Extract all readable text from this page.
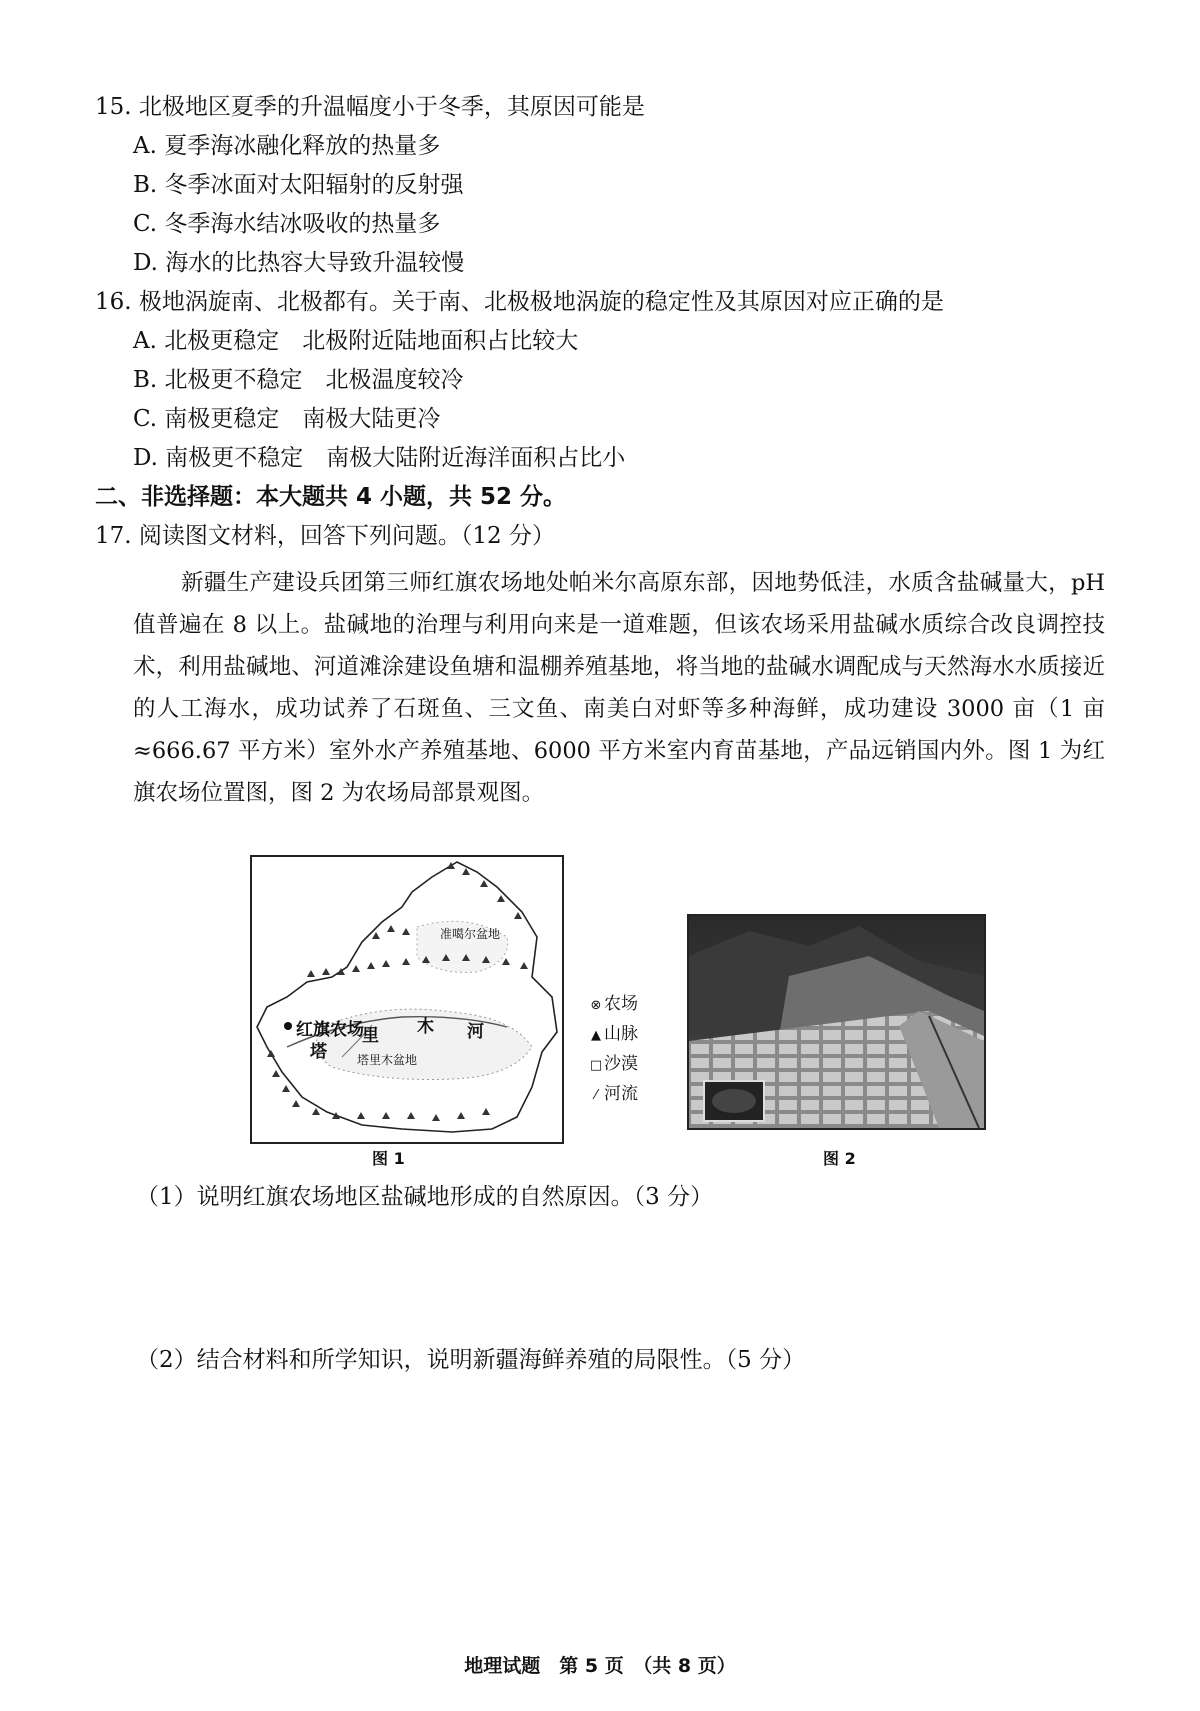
15. 北极地区夏季的升温幅度小于冬季，其原因可能是
A. 夏季海冰融化释放的热量多
B. 冬季冰面对太阳辐射的反射强
C. 冬季海水结冰吸收的热量多
D. 海水的比热容大导致升温较慢
16. 极地涡旋南、北极都有。关于南、北极极地涡旋的稳定性及其原因对应正确的是
A. 北极更稳定　北极附近陆地面积占比较大
B. 北极更不稳定　北极温度较冷
C. 南极更稳定　南极大陆更冷
D. 南极更不稳定　南极大陆附近海洋面积占比小
二、非选择题：本大题共 4 小题，共 52 分。
17. 阅读图文材料，回答下列问题。（12 分）
新疆生产建设兵团第三师红旗农场地处帕米尔高原东部，因地势低洼，水质含盐碱量大，pH 值普遍在 8 以上。盐碱地的治理与利用向来是一道难题，但该农场采用盐碱水质综合改良调控技术，利用盐碱地、河道滩涂建设鱼塘和温棚养殖基地，将当地的盐碱水调配成与天然海水水质接近的人工海水，成功试养了石斑鱼、三文鱼、南美白对虾等多种海鲜，成功建设 3000 亩（1 亩≈666.67 平方米）室外水产养殖基地、6000 平方米室内育苗基地，产品远销国内外。图 1 为红旗农场位置图，图 2 为农场局部景观图。
准噶尔盆地
红旗农场
塔
里 木 河
塔里木盆地
图 1
⊗ 农场
▲ 山脉
□ 沙漠
⁄ 河流
图 2
（1）说明红旗农场地区盐碱地形成的自然原因。（3 分）
（2）结合材料和所学知识，说明新疆海鲜养殖的局限性。（5 分）
地理试题　第 5 页　（共 8 页）
